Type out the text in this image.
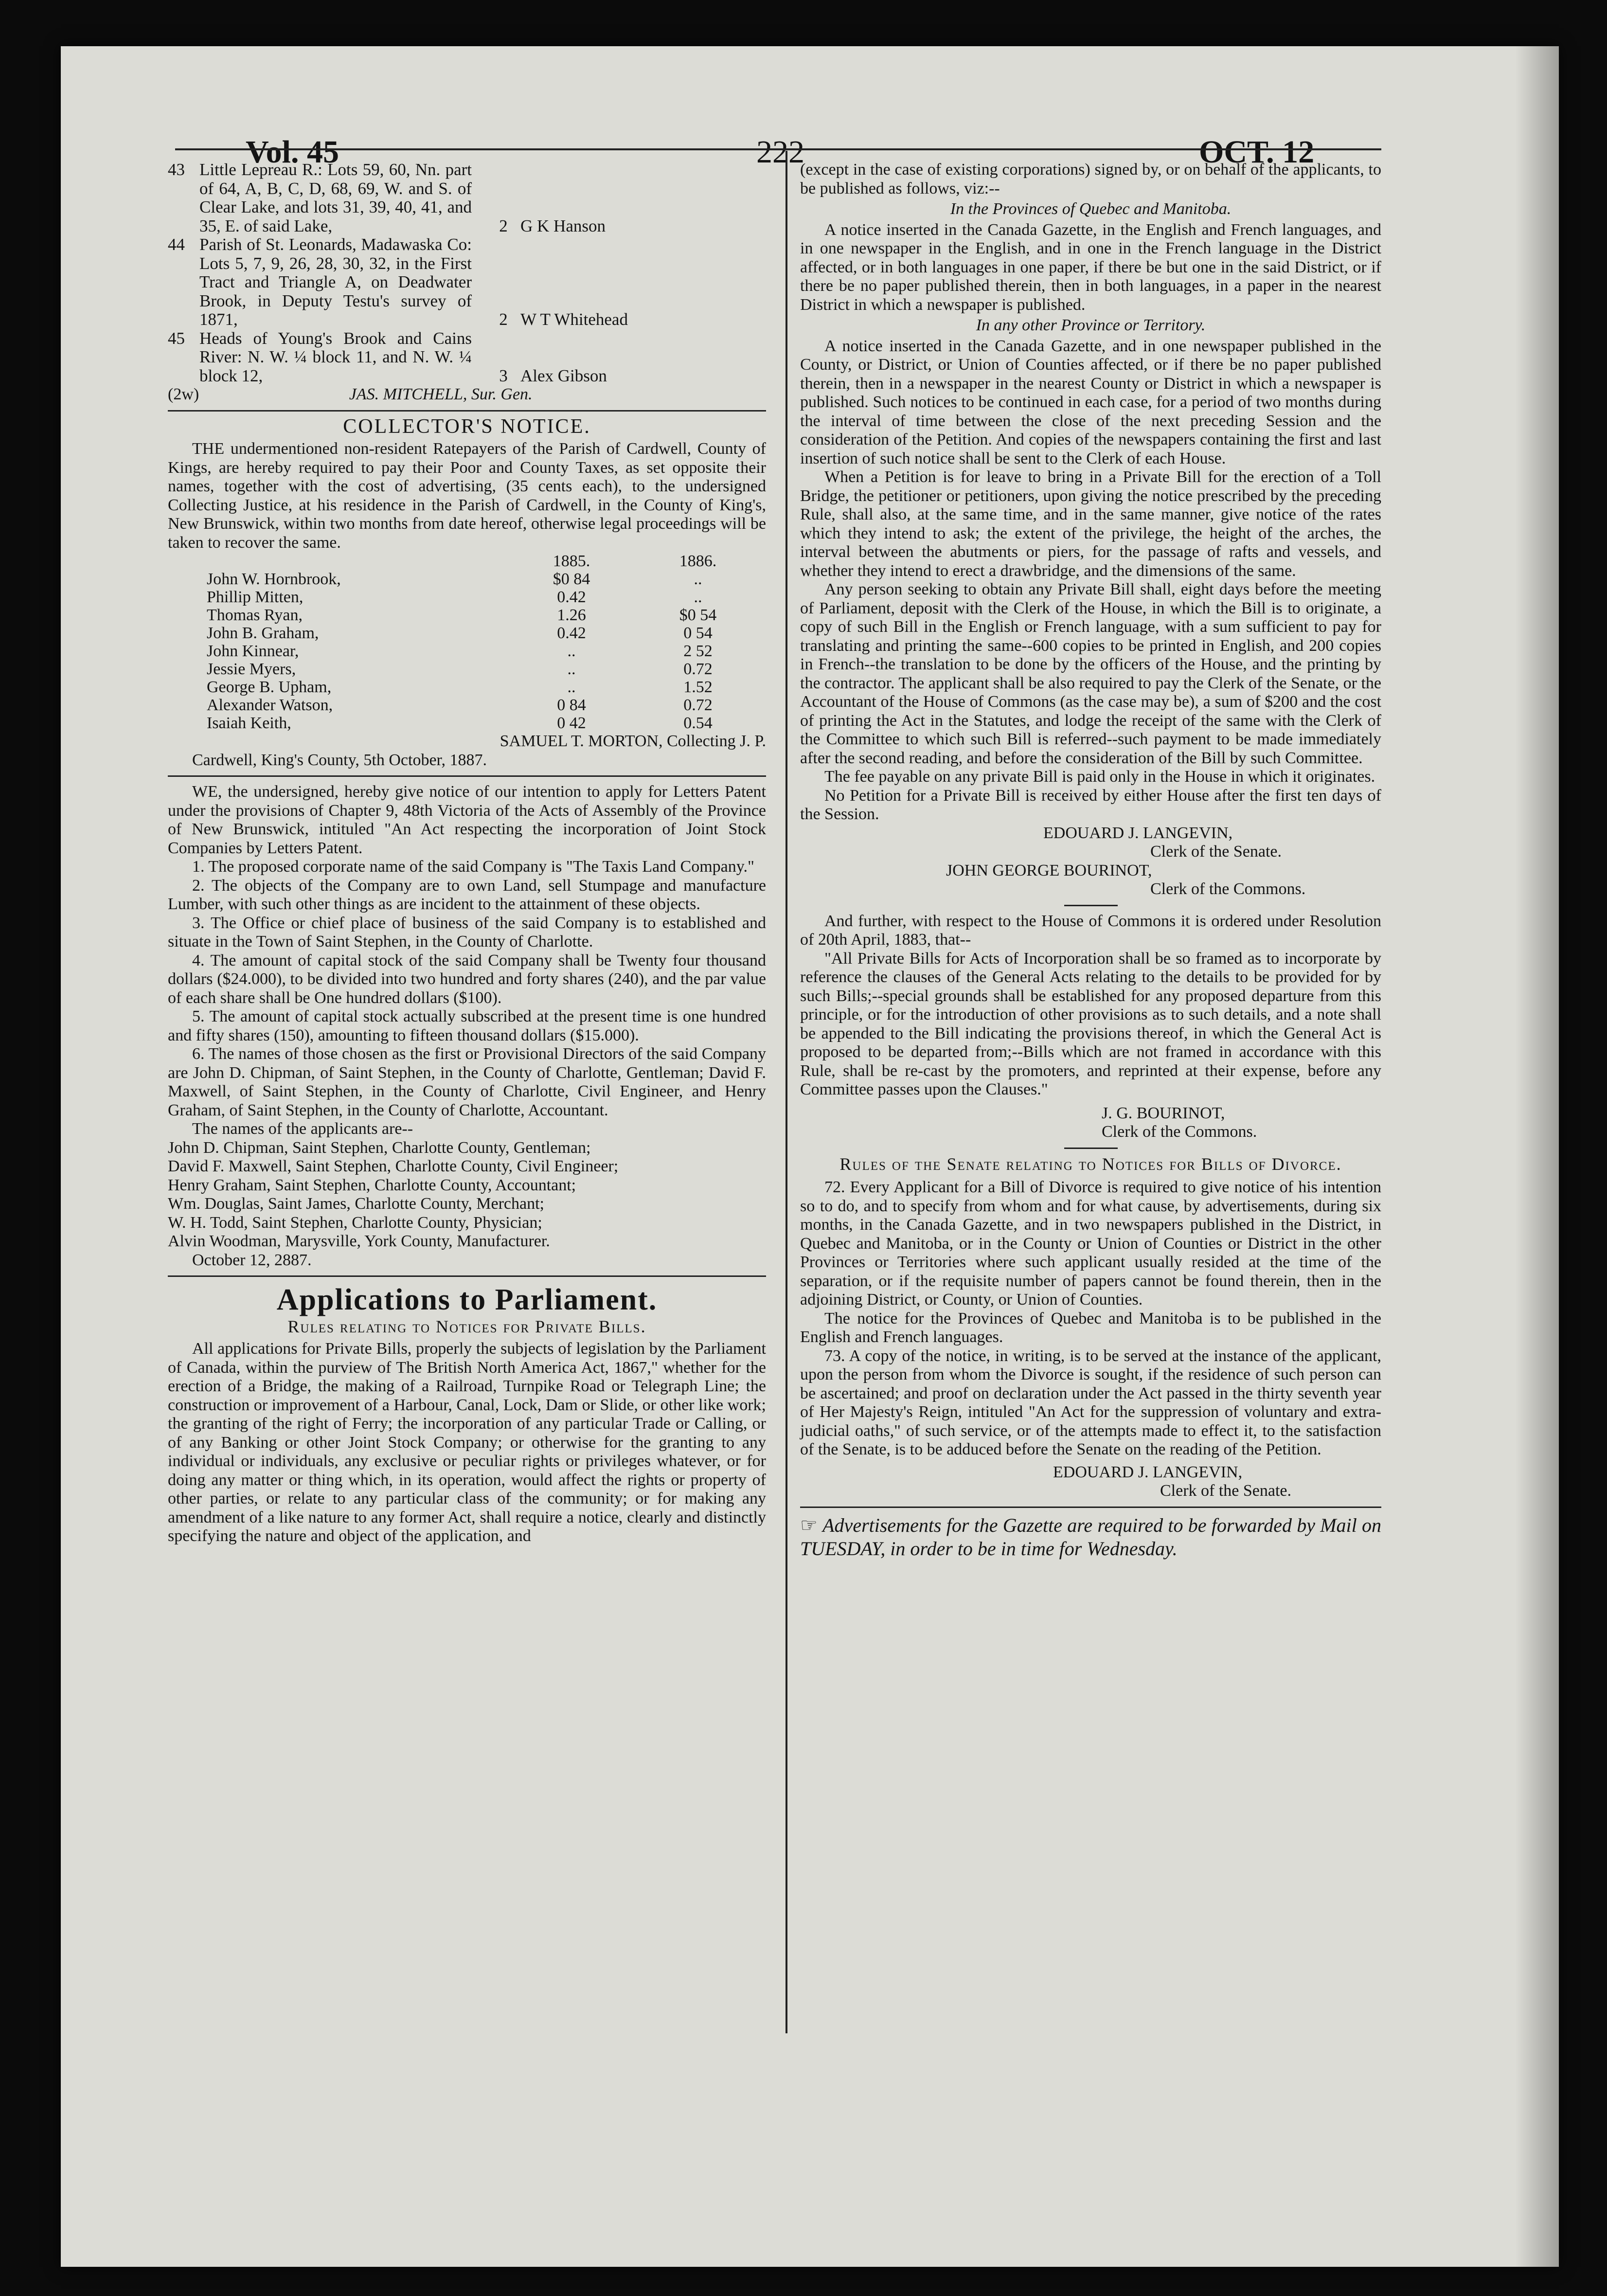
Vol. 45	222	OCT. 12
43	Little Lepreau R.: Lots 59, 60, Nn. part of 64, A, B, C, D, 68, 69, W. and S. of Clear Lake, and lots 31, 39, 40, 41, and 35, E. of said Lake,	2	G K Hanson
44	Parish of St. Leonards, Madawaska Co: Lots 5, 7, 9, 26, 28, 30, 32, in the First Tract and Triangle A, on Deadwater Brook, in Deputy Testu's survey of 1871,	2	W T Whitehead
45	Heads of Young's Brook and Cains River: N. W. ¼ block 11, and N. W. ¼ block 12,	3	Alex Gibson

(2w)	JAS. MITCHELL, Sur. Gen.

COLLECTOR'S NOTICE.

THE undermentioned non-resident Ratepayers of the Parish of Cardwell, County of Kings, are hereby required to pay their Poor and County Taxes, as set opposite their names, together with the cost of advertising, (35 cents each), to the undersigned Collecting Justice, at his residence in the Parish of Cardwell, in the County of King's, New Brunswick, within two months from date hereof, otherwise legal proceedings will be taken to recover the same.

	1885.	1886.
John W. Hornbrook,	$0 84	..
Phillip Mitten,	0.42	..
Thomas Ryan,	1.26	$0 54
John B. Graham,	0.42	0 54
John Kinnear,	..	2 52
Jessie Myers,	..	0.72
George B. Upham,	..	1.52
Alexander Watson,	0 84	0.72
Isaiah Keith,	0 42	0.54

SAMUEL T. MORTON, Collecting J. P.

Cardwell, King's County, 5th October, 1887.

WE, the undersigned, hereby give notice of our intention to apply for Letters Patent under the provisions of Chapter 9, 48th Victoria of the Acts of Assembly of the Province of New Brunswick, intituled "An Act respecting the incorporation of Joint Stock Companies by Letters Patent.

1. The proposed corporate name of the said Company is "The Taxis Land Company."

2. The objects of the Company are to own Land, sell Stumpage and manufacture Lumber, with such other things as are incident to the attainment of these objects.

3. The Office or chief place of business of the said Company is to established and situate in the Town of Saint Stephen, in the County of Charlotte.

4. The amount of capital stock of the said Company shall be Twenty four thousand dollars ($24.000), to be divided into two hundred and forty shares (240), and the par value of each share shall be One hundred dollars ($100).

5. The amount of capital stock actually subscribed at the present time is one hundred and fifty shares (150), amounting to fifteen thousand dollars ($15.000).

6. The names of those chosen as the first or Provisional Directors of the said Company are John D. Chipman, of Saint Stephen, in the County of Charlotte, Gentleman; David F. Maxwell, of Saint Stephen, in the County of Charlotte, Civil Engineer, and Henry Graham, of Saint Stephen, in the County of Charlotte, Accountant.

The names of the applicants are--

John D. Chipman, Saint Stephen, Charlotte County, Gentleman;

David F. Maxwell, Saint Stephen, Charlotte County, Civil Engineer;

Henry Graham, Saint Stephen, Charlotte County, Accountant;

Wm. Douglas, Saint James, Charlotte County, Merchant;

W. H. Todd, Saint Stephen, Charlotte County, Physician;

Alvin Woodman, Marysville, York County, Manufacturer.

October 12, 2887.

Applications to Parliament.

Rules relating to Notices for Private Bills.

All applications for Private Bills, properly the subjects of legislation by the Parliament of Canada, within the purview of The British North America Act, 1867," whether for the erection of a Bridge, the making of a Railroad, Turnpike Road or Telegraph Line; the construction or improvement of a Harbour, Canal, Lock, Dam or Slide, or other like work; the granting of the right of Ferry; the incorporation of any particular Trade or Calling, or of any Banking or other Joint Stock Company; or otherwise for the granting to any individual or individuals, any exclusive or peculiar rights or privileges whatever, or for doing any matter or thing which, in its operation, would affect the rights or property of other parties, or relate to any particular class of the community; or for making any amendment of a like nature to any former Act, shall require a notice, clearly and distinctly specifying the nature and object of the application, and

(except in the case of existing corporations) signed by, or on behalf of the applicants, to be published as follows, viz:--

In the Provinces of Quebec and Manitoba.

A notice inserted in the Canada Gazette, in the English and French languages, and in one newspaper in the English, and in one in the French language in the District affected, or in both languages in one paper, if there be but one in the said District, or if there be no paper published therein, then in both languages, in a paper in the nearest District in which a newspaper is published.

In any other Province or Territory.

A notice inserted in the Canada Gazette, and in one newspaper published in the County, or District, or Union of Counties affected, or if there be no paper published therein, then in a newspaper in the nearest County or District in which a newspaper is published. Such notices to be continued in each case, for a period of two months during the interval of time between the close of the next preceding Session and the consideration of the Petition. And copies of the newspapers containing the first and last insertion of such notice shall be sent to the Clerk of each House.

When a Petition is for leave to bring in a Private Bill for the erection of a Toll Bridge, the petitioner or petitioners, upon giving the notice prescribed by the preceding Rule, shall also, at the same time, and in the same manner, give notice of the rates which they intend to ask; the extent of the privilege, the height of the arches, the interval between the abutments or piers, for the passage of rafts and vessels, and whether they intend to erect a drawbridge, and the dimensions of the same.

Any person seeking to obtain any Private Bill shall, eight days before the meeting of Parliament, deposit with the Clerk of the House, in which the Bill is to originate, a copy of such Bill in the English or French language, with a sum sufficient to pay for translating and printing the same--600 copies to be printed in English, and 200 copies in French--the translation to be done by the officers of the House, and the printing by the contractor. The applicant shall be also required to pay the Clerk of the Senate, or the Accountant of the House of Commons (as the case may be), a sum of $200 and the cost of printing the Act in the Statutes, and lodge the receipt of the same with the Clerk of the Committee to which such Bill is referred--such payment to be made immediately after the second reading, and before the consideration of the Bill by such Committee.

The fee payable on any private Bill is paid only in the House in which it originates.

No Petition for a Private Bill is received by either House after the first ten days of the Session.

EDOUARD J. LANGEVIN,

Clerk of the Senate.

JOHN GEORGE BOURINOT,

Clerk of the Commons.

And further, with respect to the House of Commons it is ordered under Resolution of 20th April, 1883, that--

"All Private Bills for Acts of Incorporation shall be so framed as to incorporate by reference the clauses of the General Acts relating to the details to be provided for by such Bills;--special grounds shall be established for any proposed departure from this principle, or for the introduction of other provisions as to such details, and a note shall be appended to the Bill indicating the provisions thereof, in which the General Act is proposed to be departed from;--Bills which are not framed in accordance with this Rule, shall be re-cast by the promoters, and reprinted at their expense, before any Committee passes upon the Clauses."

J. G. BOURINOT,

Clerk of the Commons.

Rules of the Senate relating to Notices for Bills of Divorce.

72. Every Applicant for a Bill of Divorce is required to give notice of his intention so to do, and to specify from whom and for what cause, by advertisements, during six months, in the Canada Gazette, and in two newspapers published in the District, in Quebec and Manitoba, or in the County or Union of Counties or District in the other Provinces or Territories where such applicant usually resided at the time of the separation, or if the requisite number of papers cannot be found therein, then in the adjoining District, or County, or Union of Counties.

The notice for the Provinces of Quebec and Manitoba is to be published in the English and French languages.

73. A copy of the notice, in writing, is to be served at the instance of the applicant, upon the person from whom the Divorce is sought, if the residence of such person can be ascertained; and proof on declaration under the Act passed in the thirty seventh year of Her Majesty's Reign, intituled "An Act for the suppression of voluntary and extra-judicial oaths," of such service, or of the attempts made to effect it, to the satisfaction of the Senate, is to be adduced before the Senate on the reading of the Petition.

EDOUARD J. LANGEVIN,

Clerk of the Senate.

☞ Advertisements for the Gazette are required to be forwarded by Mail on TUESDAY, in order to be in time for Wednesday.
